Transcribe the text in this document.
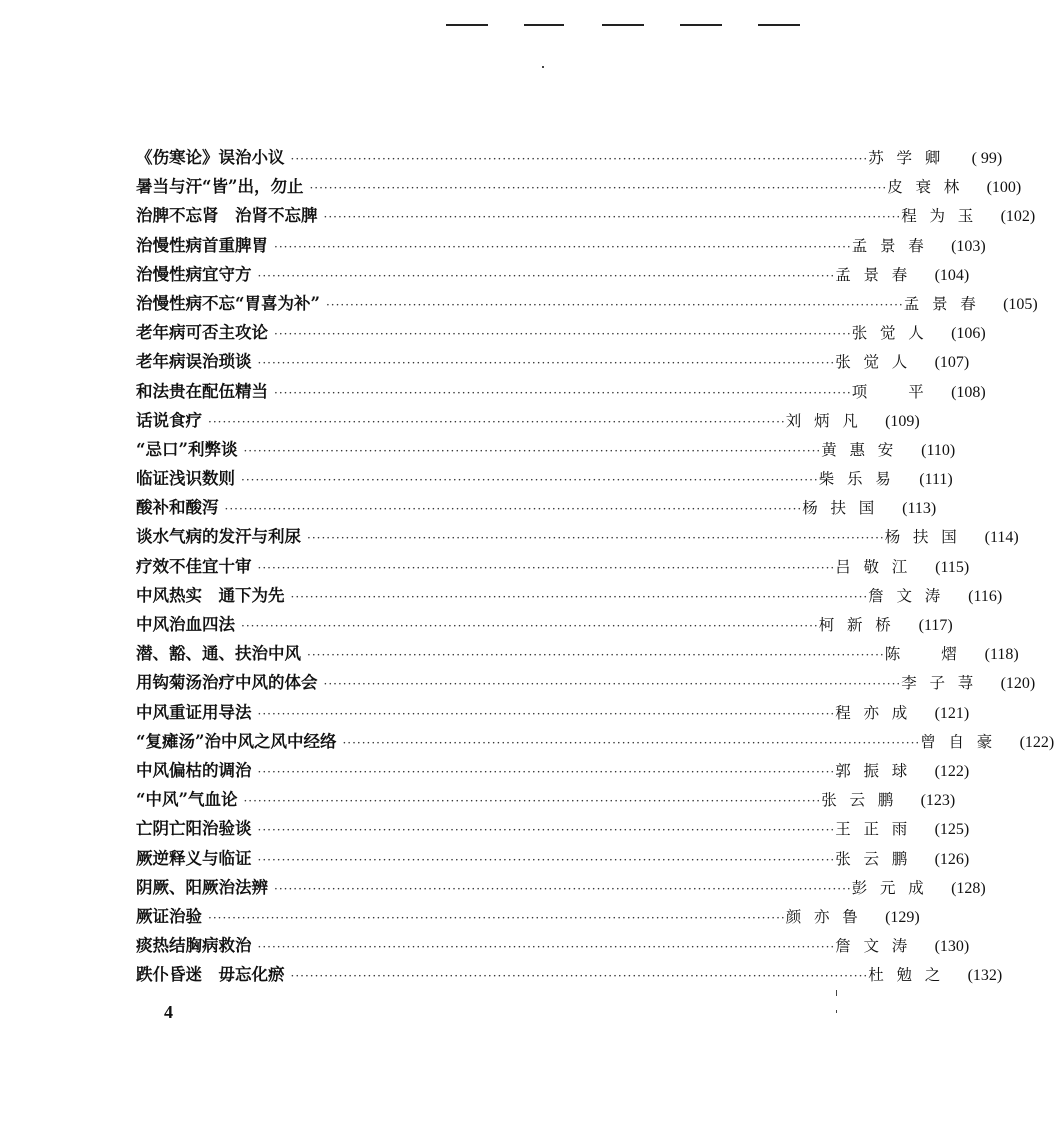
《伤寒论》误治小议 ························································································································ 苏学卿	( 99)
暑当与汗“皆”出，勿止 ························································································································ 皮衰林	(100)
治脾不忘肾　治肾不忘脾 ························································································································ 程为玉	(102)
治慢性病首重脾胃 ························································································································ 孟景春	(103)
治慢性病宜守方 ························································································································ 孟景春	(104)
治慢性病不忘“胃喜为补” ························································································································ 孟景春	(105)
老年病可否主攻论 ························································································································ 张觉人	(106)
老年病误治琐谈 ························································································································ 张觉人	(107)
和法贵在配伍精当 ························································································································ 项平	(108)
话说食疗 ························································································································ 刘炳凡	(109)
“忌口”利弊谈 ························································································································ 黄惠安	(110)
临证浅识数则 ························································································································ 柴乐易	(111)
酸补和酸泻 ························································································································ 杨扶国	(113)
谈水气病的发汗与利尿 ························································································································ 杨扶国	(114)
疗效不佳宜十审 ························································································································ 吕敬江	(115)
中风热实　通下为先 ························································································································ 詹文涛	(116)
中风治血四法 ························································································································ 柯新桥	(117)
潜、豁、通、扶治中风 ························································································································ 陈熠	(118)
用钩菊汤治疗中风的体会 ························································································································ 李子荨	(120)
中风重证用导法 ························································································································ 程亦成	(121)
“复瘫汤”治中风之风中经络 ························································································································ 曾自豪	(122)
中风偏枯的调治 ························································································································ 郭振球	(122)
“中风”气血论 ························································································································ 张云鹏	(123)
亡阴亡阳治验谈 ························································································································ 王正雨	(125)
厥逆释义与临证 ························································································································ 张云鹏	(126)
阴厥、阳厥治法辨 ························································································································ 彭元成	(128)
厥证治验 ························································································································ 颜亦鲁	(129)
痰热结胸病救治 ························································································································ 詹文涛	(130)
跌仆昏迷　毋忘化瘀 ························································································································ 杜勉之	(132)
4
